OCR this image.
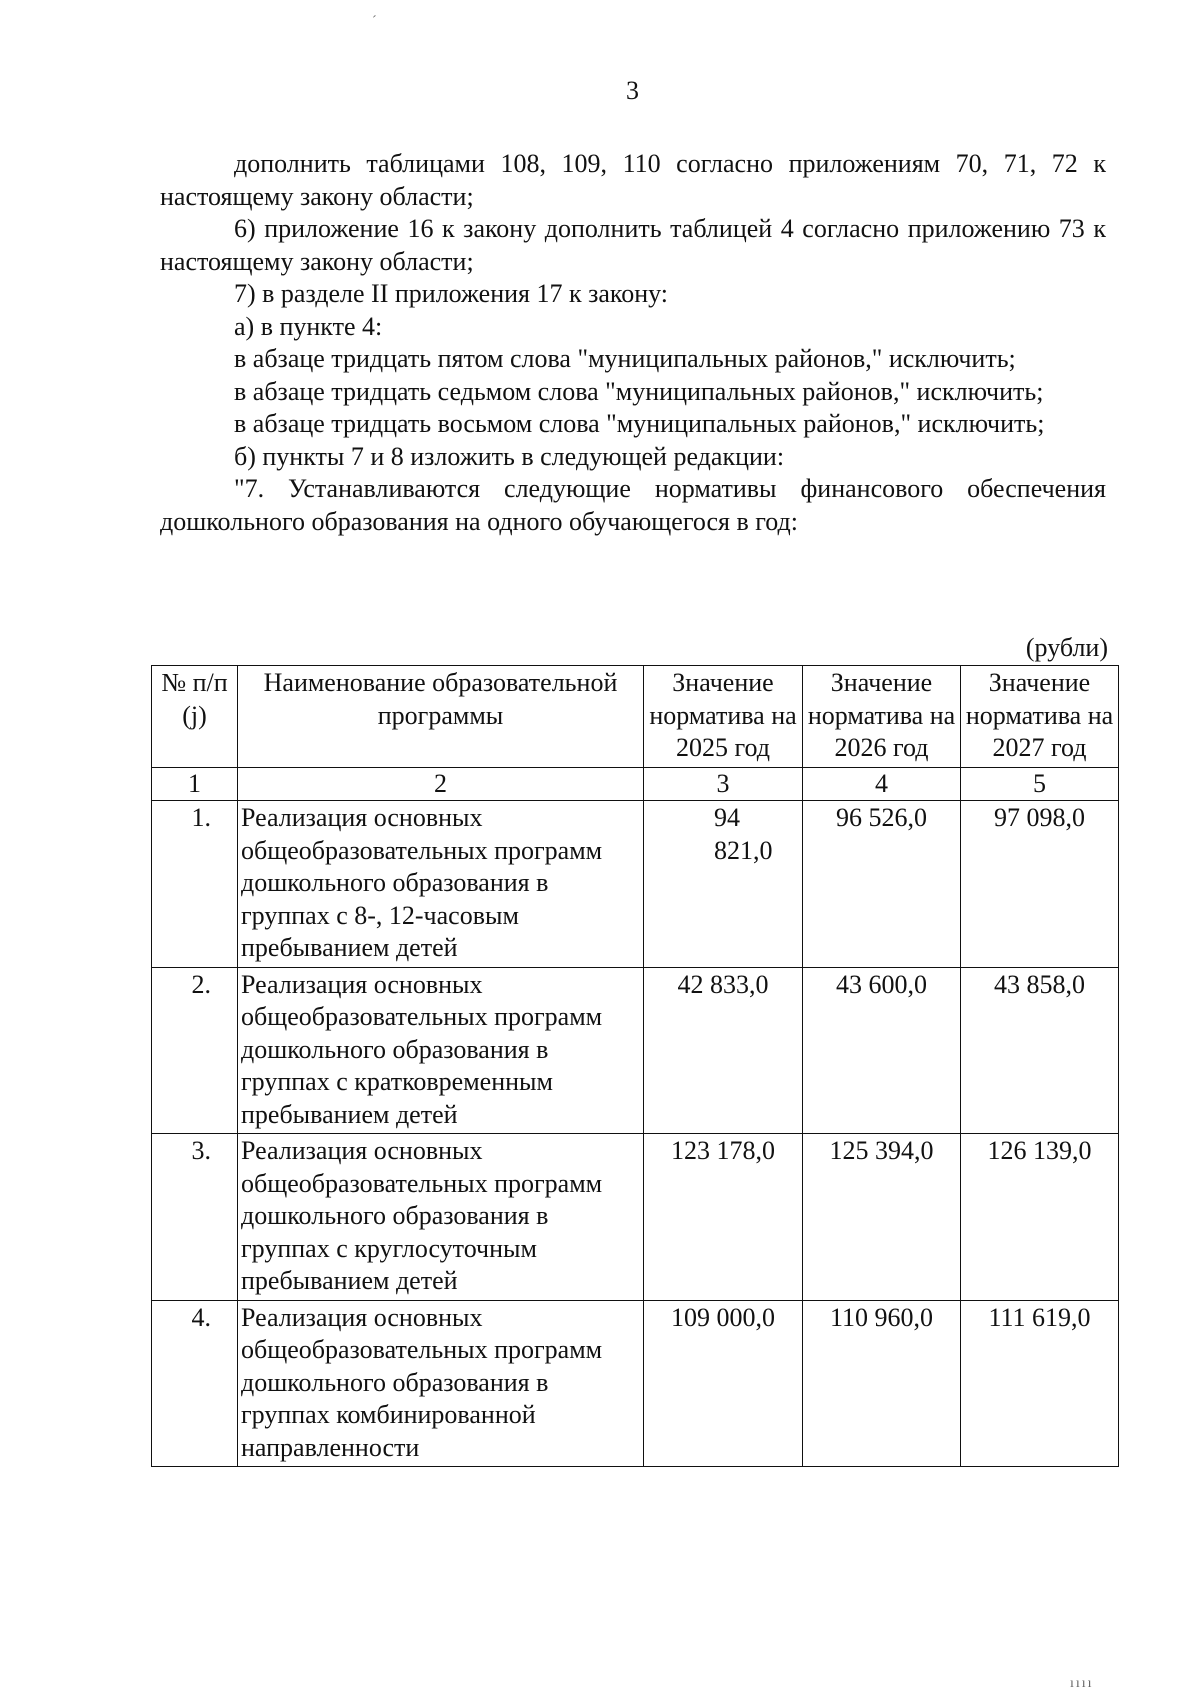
3

дополнить таблицами 108, 109, 110 согласно приложениям 70, 71, 72 к настоящему закону области;

6) приложение 16 к закону дополнить таблицей 4 согласно приложению 73 к настоящему закону области;

7) в разделе II приложения 17 к закону:

а) в пункте 4:

в абзаце тридцать пятом слова "муниципальных районов," исключить;

в абзаце тридцать седьмом слова "муниципальных районов," исключить;

в абзаце тридцать восьмом слова "муниципальных районов," исключить;

б) пункты 7 и 8 изложить в следующей редакции:

"7. Устанавливаются следующие нормативы финансового обеспечения дошкольного образования на одного обучающегося в год:

(рубли)
№ п/п (j)	Наименование образовательной программы	Значение норматива на 2025 год	Значение норматива на 2026 год	Значение норматива на 2027 год
1	2	3	4	5
1.	Реализация основных общеобразовательных программ дошкольного образования в группах с 8-, 12-часовым пребыванием детей	94 821,0	96 526,0	97 098,0
2.	Реализация основных общеобразовательных программ дошкольного образования в группах с кратковременным пребыванием детей	42 833,0	43 600,0	43 858,0
3.	Реализация основных общеобразовательных программ дошкольного образования в группах с круглосуточным пребыванием детей	123 178,0	125 394,0	126 139,0
4.	Реализация основных общеобразовательных программ дошкольного образования в группах комбинированной направленности	109 000,0	110 960,0	111 619,0
ˊ
ıııı
